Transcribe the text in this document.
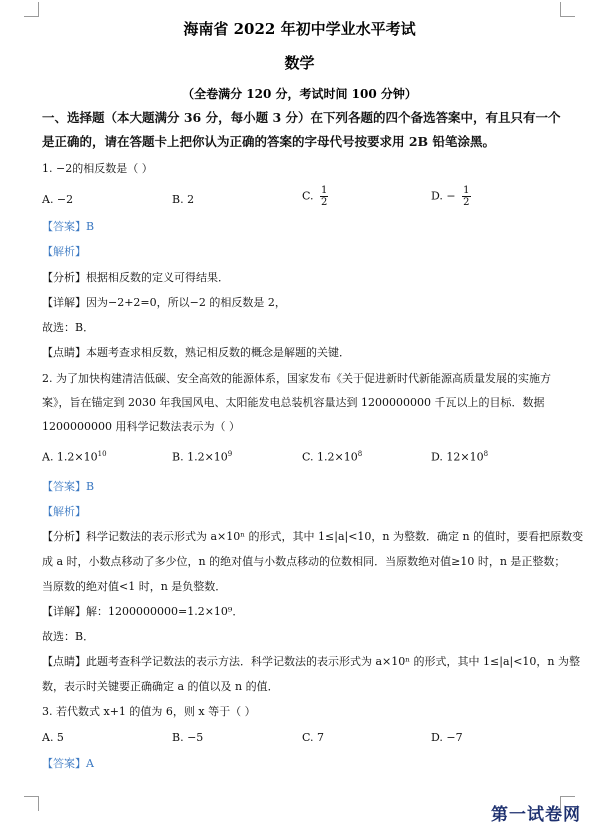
海南省 2022 年初中学业水平考试
数学
（全卷满分 120 分，考试时间 100 分钟）
一、选择题（本大题满分 36 分，每小题 3 分）在下列各题的四个备选答案中，有且只有一个
是正确的，请在答题卡上把你认为正确的答案的字母代号按要求用 2B 铅笔涂黑。
1. −2的相反数是（ ）
A. −2	B. 2	C. $\frac{1}{2}$	D. − $\frac{1}{2}$
【答案】B
【解析】
【分析】根据相反数的定义可得结果．
【详解】因为−2+2=0，所以−2 的相反数是 2，
故选：B．
【点睛】本题考查求相反数，熟记相反数的概念是解题的关键．
2. 为了加快构建清洁低碳、安全高效的能源体系，国家发布《关于促进新时代新能源高质量发展的实施方
案》，旨在锚定到 2030 年我国风电、太阳能发电总装机容量达到 1200000000 千瓦以上的目标．数据
1200000000 用科学记数法表示为（ ）
A. $1.2\times 10^{10}$	B. $1.2\times 10^9$	C. $1.2\times 10^8$	D. $12\times 10^8$
【答案】B
【解析】
【分析】科学记数法的表示形式为 a×10ⁿ 的形式，其中 1≤|a|<10，n 为整数．确定 n 的值时，要看把原数变
成 a 时，小数点移动了多少位，n 的绝对值与小数点移动的位数相同．当原数绝对值≥10 时，n 是正整数；
当原数的绝对值<1 时，n 是负整数．
【详解】解：1200000000=1.2×10⁹．
故选：B．
【点睛】此题考查科学记数法的表示方法．科学记数法的表示形式为 a×10ⁿ 的形式，其中 1≤|a|<10，n 为整
数，表示时关键要正确确定 a 的值以及 n 的值．
3. 若代数式 x+1 的值为 6，则 x 等于（ ）
A. 5	B. −5	C. 7	D. −7
【答案】A
第一试卷网
